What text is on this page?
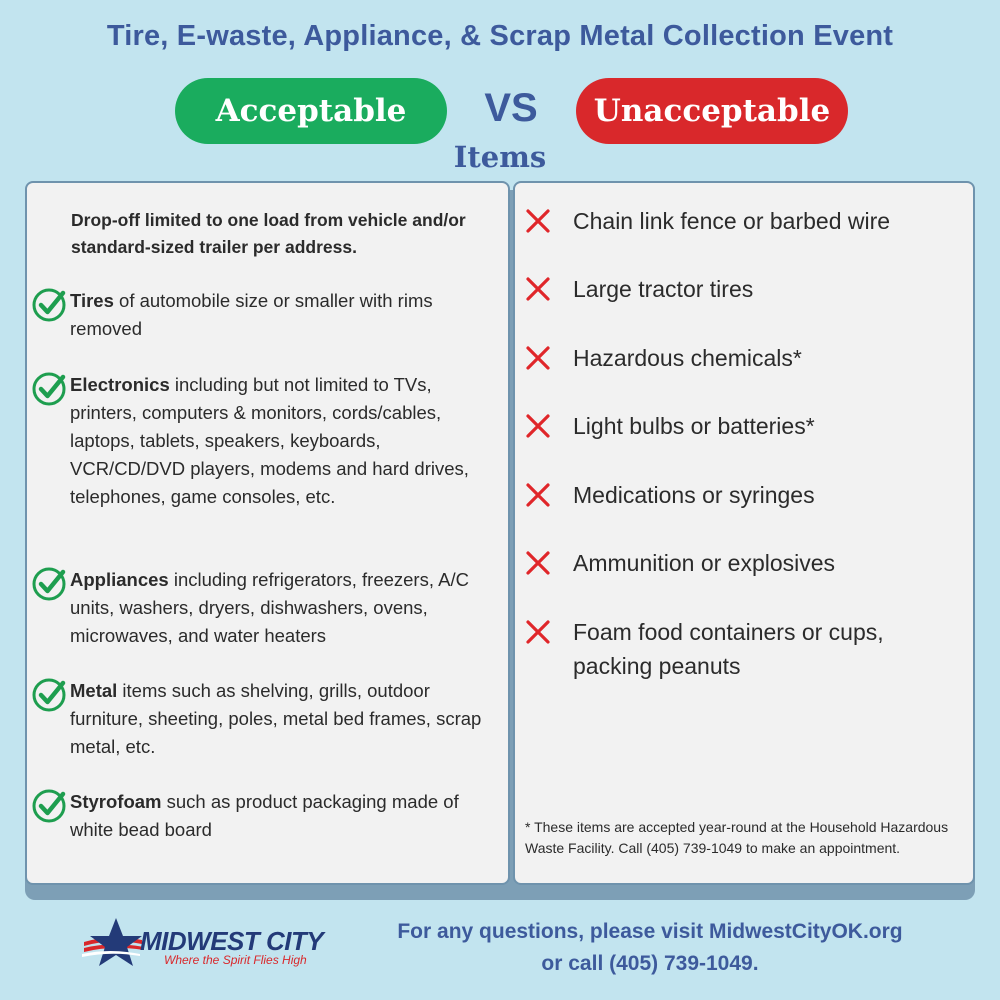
Tire, E-waste, Appliance, & Scrap Metal Collection Event
Acceptable	VS	Unacceptable
Items
Drop-off limited to one load from vehicle and/or standard-sized trailer per address.
Tires of automobile size or smaller with rims removed
Electronics including but not limited to TVs, printers, computers & monitors, cords/cables, laptops, tablets, speakers, keyboards, VCR/CD/DVD players, modems and hard drives, telephones, game consoles, etc.
Appliances including refrigerators, freezers, A/C units, washers, dryers, dishwashers, ovens, microwaves, and water heaters
Metal items such as shelving, grills, outdoor furniture, sheeting, poles, metal bed frames, scrap metal, etc.
Styrofoam such as product packaging made of white bead board
Chain link fence or barbed wire
Large tractor tires
Hazardous chemicals*
Light bulbs or batteries*
Medications or syringes
Ammunition or explosives
Foam food containers or cups, packing peanuts
* These items are accepted year-round at the Household Hazardous Waste Facility. Call (405) 739-1049 to make an appointment.
MIDWEST CITY
Where the Spirit Flies High
For any questions, please visit MidwestCityOK.org
or call (405) 739-1049.
